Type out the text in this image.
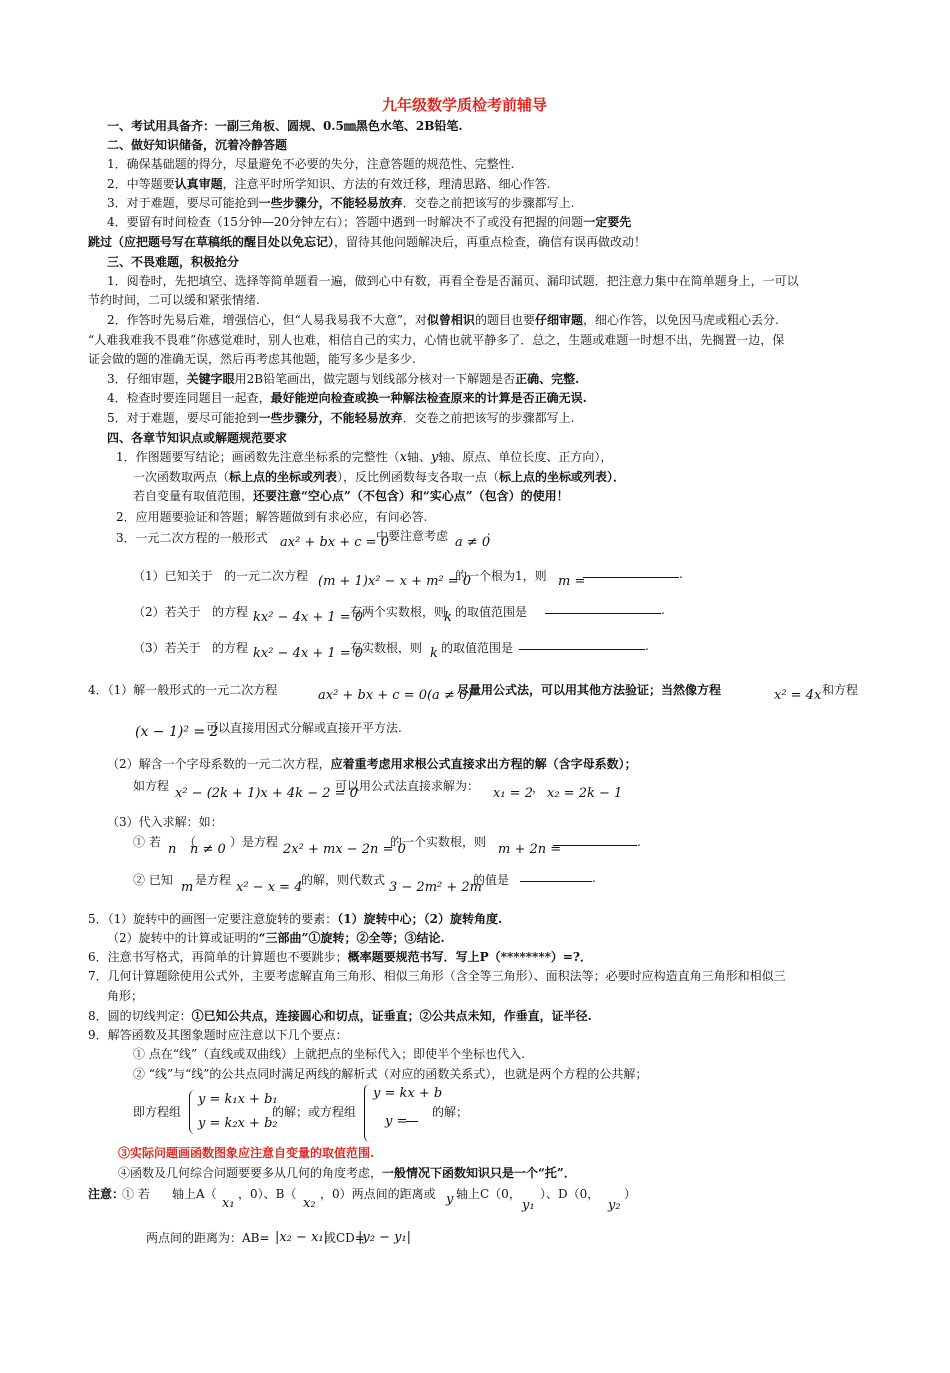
九年级数学质检考前辅导
一、考试用具备齐：一副三角板、圆规、0.5㎜黑色水笔、2B铅笔.
二、做好知识储备，沉着冷静答题
1．确保基础题的得分，尽量避免不必要的失分，注意答题的规范性、完整性.
2．中等题要认真审题，注意平时所学知识、方法的有效迁移，理清思路、细心作答.
3．对于难题，要尽可能抢到一些步骤分，不能轻易放弃．交卷之前把该写的步骤都写上.
4．要留有时间检查（15分钟—20分钟左右）；答题中遇到一时解决不了或没有把握的问题一定要先
跳过（应把题号写在草稿纸的醒目处以免忘记），留待其他问题解决后，再重点检查，确信有误再做改动！
三、不畏难题，积极抢分
1．阅卷时，先把填空、选择等简单题看一遍，做到心中有数，再看全卷是否漏页、漏印试题．把注意力集中在简单题身上，一可以
节约时间，二可以缓和紧张情绪.
2．作答时先易后难，增强信心，但“人易我易我不大意”，对似曾相识的题目也要仔细审题，细心作答，以免因马虎或粗心丢分.
“人难我难我不畏难”你感觉难时，别人也难，相信自己的实力，心情也就平静多了．总之，生题或难题一时想不出，先搁置一边，保
证会做的题的准确无误，然后再考虑其他题，能写多少是多少.
3．仔细审题，关键字眼用2B铅笔画出，做完题与划线部分核对一下解题是否正确、完整.
4．检查时要连同题目一起查，最好能逆向检查或换一种解法检查原来的计算是否正确无误.
5．对于难题，要尽可能抢到一些步骤分，不能轻易放弃．交卷之前把该写的步骤都写上.
四、各章节知识点或解题规范要求
1．作图题要写结论；画函数先注意坐标系的完整性（x轴、y轴、原点、单位长度、正方向），
一次函数取两点（标上点的坐标或列表），反比例函数每支各取一点（标上点的坐标或列表）．
若自变量有取值范围，还要注意“空心点”（不包含）和“实心点”（包含）的使用！
2．应用题要验证和答题；解答题做到有求必应，有问必答.
3．一元二次方程的一般形式 ax² + bx + c = 0
中要注意考虑 a ≠ 0
；
（1）已知关于 的一元二次方程 (m + 1)x² − x + m² = 0
的一个根为1，则 m =	.
（2）若关于 的方程 kx² − 4x + 1 = 0
有两个实数根，则
k 的取值范围是	.
（3）若关于 的方程 kx² − 4x + 1 = 0
有实数根，则 k 的取值范围是	.
4．（1）解一般形式的一元二次方程	ax² + bx + c = 0(a ≠ 0)
尽量用公式法，可以用其他方法验证；当然像方程	x² = 4x 和方程
(x − 1)² = 2
可以直接用因式分解或直接开平方法.
（2）解含一个字母系数的一元二次方程，应着重考虑用求根公式直接求出方程的解（含字母系数）；
如方程 x² − (2k + 1)x + 4k − 2 = 0
可以用公式法直接求解为： x₁ = 2 ， x₂ = 2k − 1
（3）代入求解：如：
① 若 n （
n ≠ 0 ）是方程 2x² + mx − 2n = 0
的一个实数根，则 m + 2n =	.
② 已知 m 是方程 x² − x = 4
的解，则代数式 3 − 2m² + 2m
的值是	.
5．（1）旋转中的画图一定要注意旋转的要素：（1）旋转中心；（2）旋转角度.
（2）旋转中的计算或证明的“三部曲”①旋转；②全等；③结论.
6．注意书写格式，再简单的计算题也不要跳步；概率题要规范书写．写上P（********）=?．
7．几何计算题除使用公式外，主要考虑解直角三角形、相似三角形（含全等三角形）、面积法等；必要时应构造直角三角形和相似三
角形；
8．圆的切线判定：①已知公共点，连接圆心和切点，证垂直；②公共点未知，作垂直，证半径.
9．解答函数及其图象题时应注意以下几个要点：
① 点在“线”（直线或双曲线）上就把点的坐标代入；即使半个坐标也代入.
② “线”与“线”的公共点同时满足两线的解析式（对应的函数关系式），也就是两个方程的公共解；
即方程组
y = k₁x + b₁
y = k₂x + b₂
的解；或方程组
y = kx + b
y =
的解；
③实际问题画函数图象应注意自变量的取值范围.
④函数及几何综合问题要要多从几何的角度考虑，一般情况下函数知识只是一个“托”．
注意：
① 若 轴上A（
x₁
，0）、B（
x₂
，0）两点间的距离或 y 轴上C（0，
y₁
）、D（0，
y₂
）
两点间的距离为：AB= |x₂ − x₁|
或CD=
|y₂ − y₁|
